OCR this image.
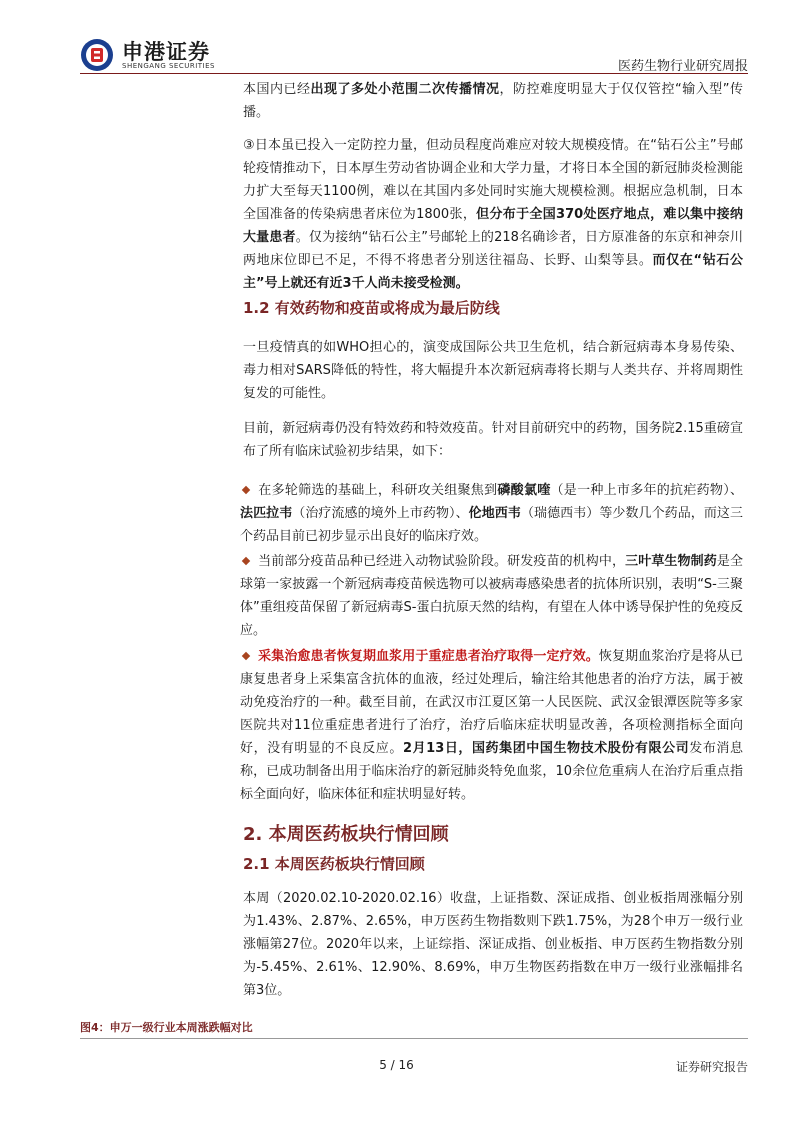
申港证券
SHENGANG SECURITIES	医药生物行业研究周报
本国内已经出现了多处小范围二次传播情况，防控难度明显大于仅仅管控“输入型”传播。
③日本虽已投入一定防控力量，但动员程度尚难应对较大规模疫情。在“钻石公主”号邮轮疫情推动下，日本厚生劳动省协调企业和大学力量，才将日本全国的新冠肺炎检测能力扩大至每天1100例，难以在其国内多处同时实施大规模检测。根据应急机制，日本全国准备的传染病患者床位为1800张，但分布于全国370处医疗地点，难以集中接纳大量患者。仅为接纳“钻石公主”号邮轮上的218名确诊者，日方原准备的东京和神奈川两地床位即已不足，不得不将患者分别送往福岛、长野、山梨等县。而仅在“钻石公主”号上就还有近3千人尚未接受检测。
1.2 有效药物和疫苗或将成为最后防线
一旦疫情真的如WHO担心的，演变成国际公共卫生危机，结合新冠病毒本身易传染、毒力相对SARS降低的特性，将大幅提升本次新冠病毒将长期与人类共存、并将周期性复发的可能性。
目前，新冠病毒仍没有特效药和特效疫苗。针对目前研究中的药物，国务院2.15重磅宣布了所有临床试验初步结果，如下：
在多轮筛选的基础上，科研攻关组聚焦到磷酸氯喹（是一种上市多年的抗疟药物）、法匹拉韦（治疗流感的境外上市药物）、伦地西韦（瑞德西韦）等少数几个药品，而这三个药品目前已初步显示出良好的临床疗效。
当前部分疫苗品种已经进入动物试验阶段。研发疫苗的机构中，三叶草生物制药是全球第一家披露一个新冠病毒疫苗候选物可以被病毒感染患者的抗体所识别，表明“S-三聚体”重组疫苗保留了新冠病毒S-蛋白抗原天然的结构，有望在人体中诱导保护性的免疫反应。
采集治愈患者恢复期血浆用于重症患者治疗取得一定疗效。恢复期血浆治疗是将从已康复患者身上采集富含抗体的血液，经过处理后，输注给其他患者的治疗方法，属于被动免疫治疗的一种。截至目前，在武汉市江夏区第一人民医院、武汉金银潭医院等多家医院共对11位重症患者进行了治疗，治疗后临床症状明显改善，各项检测指标全面向好，没有明显的不良反应。2月13日，国药集团中国生物技术股份有限公司发布消息称，已成功制备出用于临床治疗的新冠肺炎特免血浆，10余位危重病人在治疗后重点指标全面向好，临床体征和症状明显好转。
2. 本周医药板块行情回顾
2.1 本周医药板块行情回顾
本周（2020.02.10-2020.02.16）收盘，上证指数、深证成指、创业板指周涨幅分别为1.43%、2.87%、2.65%，申万医药生物指数则下跌1.75%，为28个申万一级行业涨幅第27位。2020年以来，上证综指、深证成指、创业板指、申万医药生物指数分别为-5.45%、2.61%、12.90%、8.69%，申万生物医药指数在申万一级行业涨幅排名第3位。
图4：申万一级行业本周涨跌幅对比
5 / 16	证券研究报告
